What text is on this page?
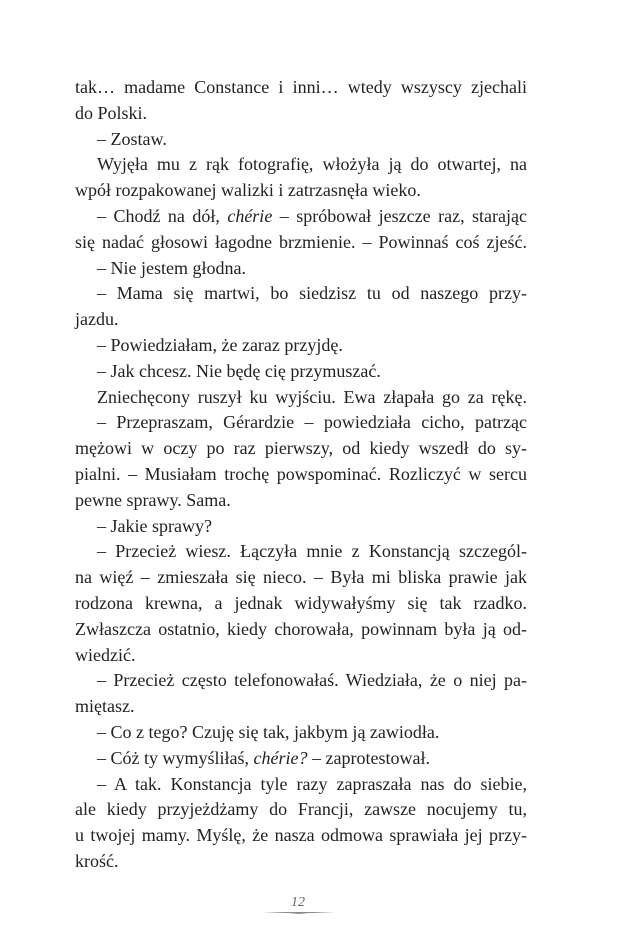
tak… madame Constance i inni… wtedy wszyscy zjechali
do Polski.
– Zostaw.
Wyjęła mu z rąk fotografię, włożyła ją do otwartej, na
wpół rozpakowanej walizki i zatrzasnęła wieko.
– Chodź na dół, chérie – spróbował jeszcze raz, starając
się nadać głosowi łagodne brzmienie. – Powinnaś coś zjeść.
– Nie jestem głodna.
– Mama się martwi, bo siedzisz tu od naszego przy-
jazdu.
– Powiedziałam, że zaraz przyjdę.
– Jak chcesz. Nie będę cię przymuszać.
Zniechęcony ruszył ku wyjściu. Ewa złapała go za rękę.
– Przepraszam, Gérardzie – powiedziała cicho, patrząc
mężowi w oczy po raz pierwszy, od kiedy wszedł do sy-
pialni. – Musiałam trochę powspominać. Rozliczyć w sercu
pewne sprawy. Sama.
– Jakie sprawy?
– Przecież wiesz. Łączyła mnie z Konstancją szczegól-
na więź – zmieszała się nieco. – Była mi bliska prawie jak
rodzona krewna, a jednak widywałyśmy się tak rzadko.
Zwłaszcza ostatnio, kiedy chorowała, powinnam była ją od-
wiedzić.
– Przecież często telefonowałaś. Wiedziała, że o niej pa-
miętasz.
– Co z tego? Czuję się tak, jakbym ją zawiodła.
– Cóż ty wymyśliłaś, chérie? – zaprotestował.
– A tak. Konstancja tyle razy zapraszała nas do siebie,
ale kiedy przyjeżdżamy do Francji, zawsze nocujemy tu,
u twojej mamy. Myślę, że nasza odmowa sprawiała jej przy-
krość.
12
